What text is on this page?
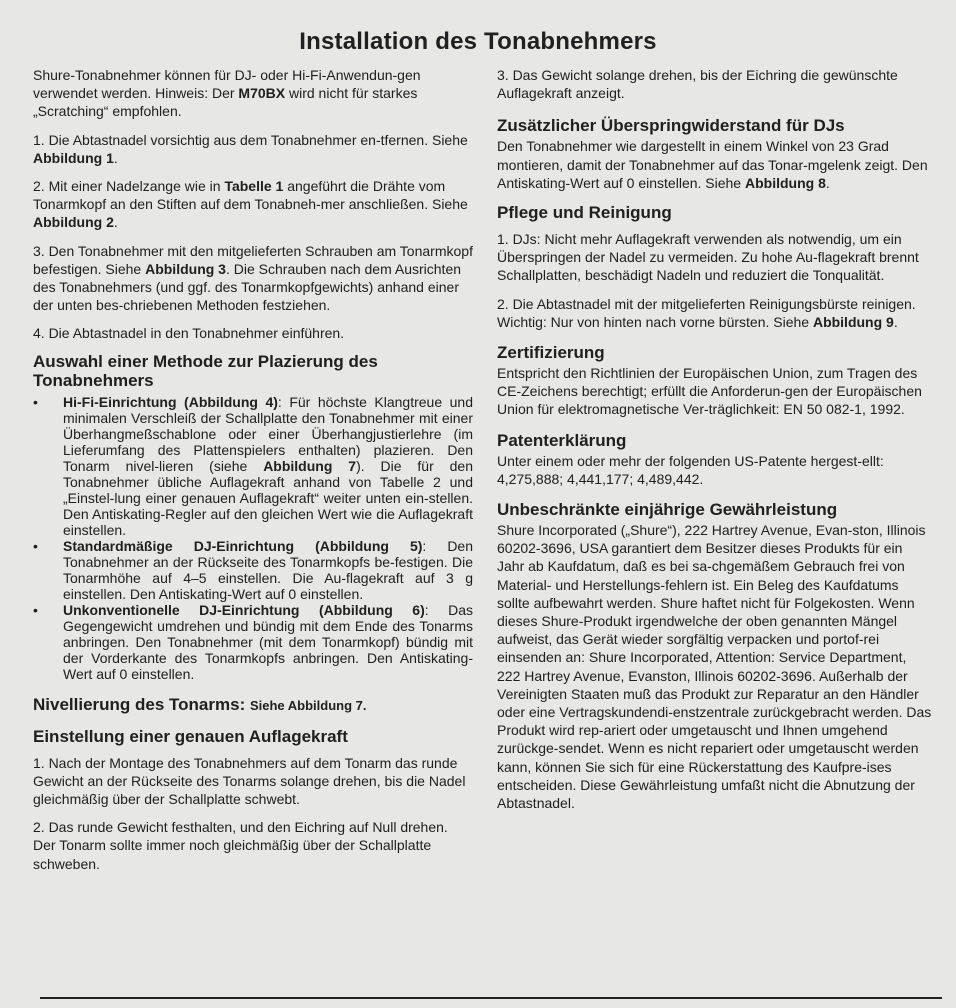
Installation des Tonabnehmers

Shure-Tonabnehmer können für DJ- oder Hi-Fi-Anwendun-gen verwendet werden. Hinweis: Der M70BX wird nicht für starkes „Scratching“ empfohlen.

1. Die Abtastnadel vorsichtig aus dem Tonabnehmer en-tfernen. Siehe Abbildung 1.

2. Mit einer Nadelzange wie in Tabelle 1 angeführt die Drähte vom Tonarmkopf an den Stiften auf dem Tonabneh-mer anschließen. Siehe Abbildung 2.

3. Den Tonabnehmer mit den mitgelieferten Schrauben am Tonarmkopf befestigen. Siehe Abbildung 3. Die Schrauben nach dem Ausrichten des Tonabnehmers (und ggf. des Tonarmkopfgewichts) anhand einer der unten bes-chriebenen Methoden festziehen.

4. Die Abtastnadel in den Tonabnehmer einführen.

Auswahl einer Methode zur Plazierung des Tonabnehmers
• Hi-Fi-Einrichtung (Abbildung 4): Für höchste Klangtreue und minimalen Verschleiß der Schallplatte den Tonabnehmer mit einer Überhangmeßschablone oder einer Überhangjustierlehre (im Lieferumfang des Plattenspielers enthalten) plazieren. Den Tonarm nivel-lieren (siehe Abbildung 7). Die für den Tonabnehmer übliche Auflagekraft anhand von Tabelle 2 und „Einstel-lung einer genauen Auflagekraft“ weiter unten ein-stellen. Den Antiskating-Regler auf den gleichen Wert wie die Auflagekraft einstellen.
• Standardmäßige DJ-Einrichtung (Abbildung 5): Den Tonabnehmer an der Rückseite des Tonarmkopfs be-festigen. Die Tonarmhöhe auf 4–5 einstellen. Die Au-flagekraft auf 3 g einstellen. Den Antiskating-Wert auf 0 einstellen.
• Unkonventionelle DJ-Einrichtung (Abbildung 6): Das Gegengewicht umdrehen und bündig mit dem Ende des Tonarms anbringen. Den Tonabnehmer (mit dem Tonarmkopf) bündig mit der Vorderkante des Tonarmkopfs anbringen. Den Antiskating-Wert auf 0 einstellen.
Nivellierung des Tonarms: Siehe Abbildung 7.
Einstellung einer genauen Auflagekraft

1. Nach der Montage des Tonabnehmers auf dem Tonarm das runde Gewicht an der Rückseite des Tonarms solange drehen, bis die Nadel gleichmäßig über der Schallplatte schwebt.

2. Das runde Gewicht festhalten, und den Eichring auf Null drehen. Der Tonarm sollte immer noch gleichmäßig über der Schallplatte schweben.

3. Das Gewicht solange drehen, bis der Eichring die gewünschte Auflagekraft anzeigt.

Zusätzlicher Überspringwiderstand für DJs

Den Tonabnehmer wie dargestellt in einem Winkel von 23 Grad montieren, damit der Tonabnehmer auf das Tonar-mgelenk zeigt. Den Antiskating-Wert auf 0 einstellen. Siehe Abbildung 8.

Pflege und Reinigung

1. DJs: Nicht mehr Auflagekraft verwenden als notwendig, um ein Überspringen der Nadel zu vermeiden. Zu hohe Au-flagekraft brennt Schallplatten, beschädigt Nadeln und reduziert die Tonqualität.

2. Die Abtastnadel mit der mitgelieferten Reinigungsbürste reinigen. Wichtig: Nur von hinten nach vorne bürsten. Siehe Abbildung 9.

Zertifizierung

Entspricht den Richtlinien der Europäischen Union, zum Tragen des CE-Zeichens berechtigt; erfüllt die Anforderun-gen der Europäischen Union für elektromagnetische Ver-träglichkeit: EN 50 082-1, 1992.

Patenterklärung

Unter einem oder mehr der folgenden US-Patente hergest-ellt: 4,275,888; 4,441,177; 4,489,442.

Unbeschränkte einjährige Gewährleistung

Shure Incorporated („Shure“), 222 Hartrey Avenue, Evan-ston, Illinois 60202-3696, USA garantiert dem Besitzer dieses Produkts für ein Jahr ab Kaufdatum, daß es bei sa-chgemäßem Gebrauch frei von Material- und Herstellungs-fehlern ist. Ein Beleg des Kaufdatums sollte aufbewahrt werden. Shure haftet nicht für Folgekosten. Wenn dieses Shure-Produkt irgendwelche der oben genannten Mängel aufweist, das Gerät wieder sorgfältig verpacken und portof-rei einsenden an: Shure Incorporated, Attention: Service Department, 222 Hartrey Avenue, Evanston, Illinois 60202-3696. Außerhalb der Vereinigten Staaten muß das Produkt zur Reparatur an den Händler oder eine Vertragskundendi-enstzentrale zurückgebracht werden. Das Produkt wird rep-ariert oder umgetauscht und Ihnen umgehend zurückge-sendet. Wenn es nicht repariert oder umgetauscht werden kann, können Sie sich für eine Rückerstattung des Kaufpre-ises entscheiden. Diese Gewährleistung umfaßt nicht die Abnutzung der Abtastnadel.
